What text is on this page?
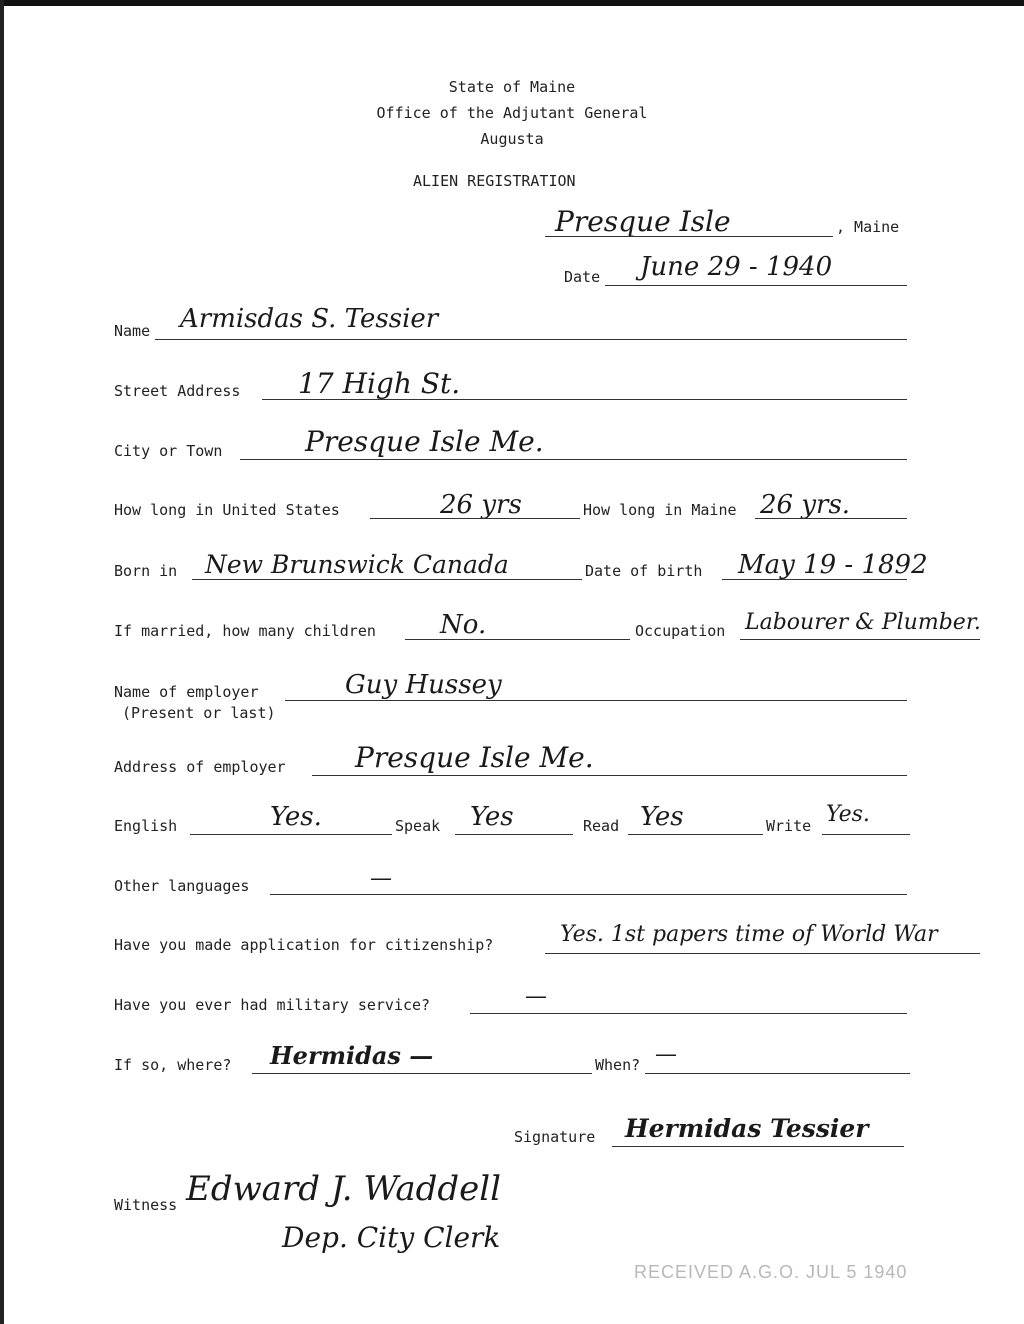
State of Maine
Office of the Adjutant General
Augusta
ALIEN REGISTRATION
Presque Isle	, Maine
Date June 29 - 1940
Name Armisdas S. Tessier
Street Address 17 High St.
City or Town	Presque Isle Me.
How long in United States	26 yrs	How long in Maine 26 yrs.
Born in New Brunswick Canada	Date of birth May 19 - 1892
If married, how many children No.	Occupation Labourer & Plumber.
Name of employer
(Present or last)
Guy Hussey
Address of employer Presque Isle Me.
English	Yes.	Speak Yes	Read Yes	Write Yes.
Other languages	—
Have you made application for citizenship?	Yes. 1st papers time of World War
Have you ever had military service?	—
If so, where? Hermidas —	When? —
Signature Hermidas Tessier
Witness Edward J. Waddell
Dep. City Clerk
RECEIVED A.G.O. JUL 5 1940
